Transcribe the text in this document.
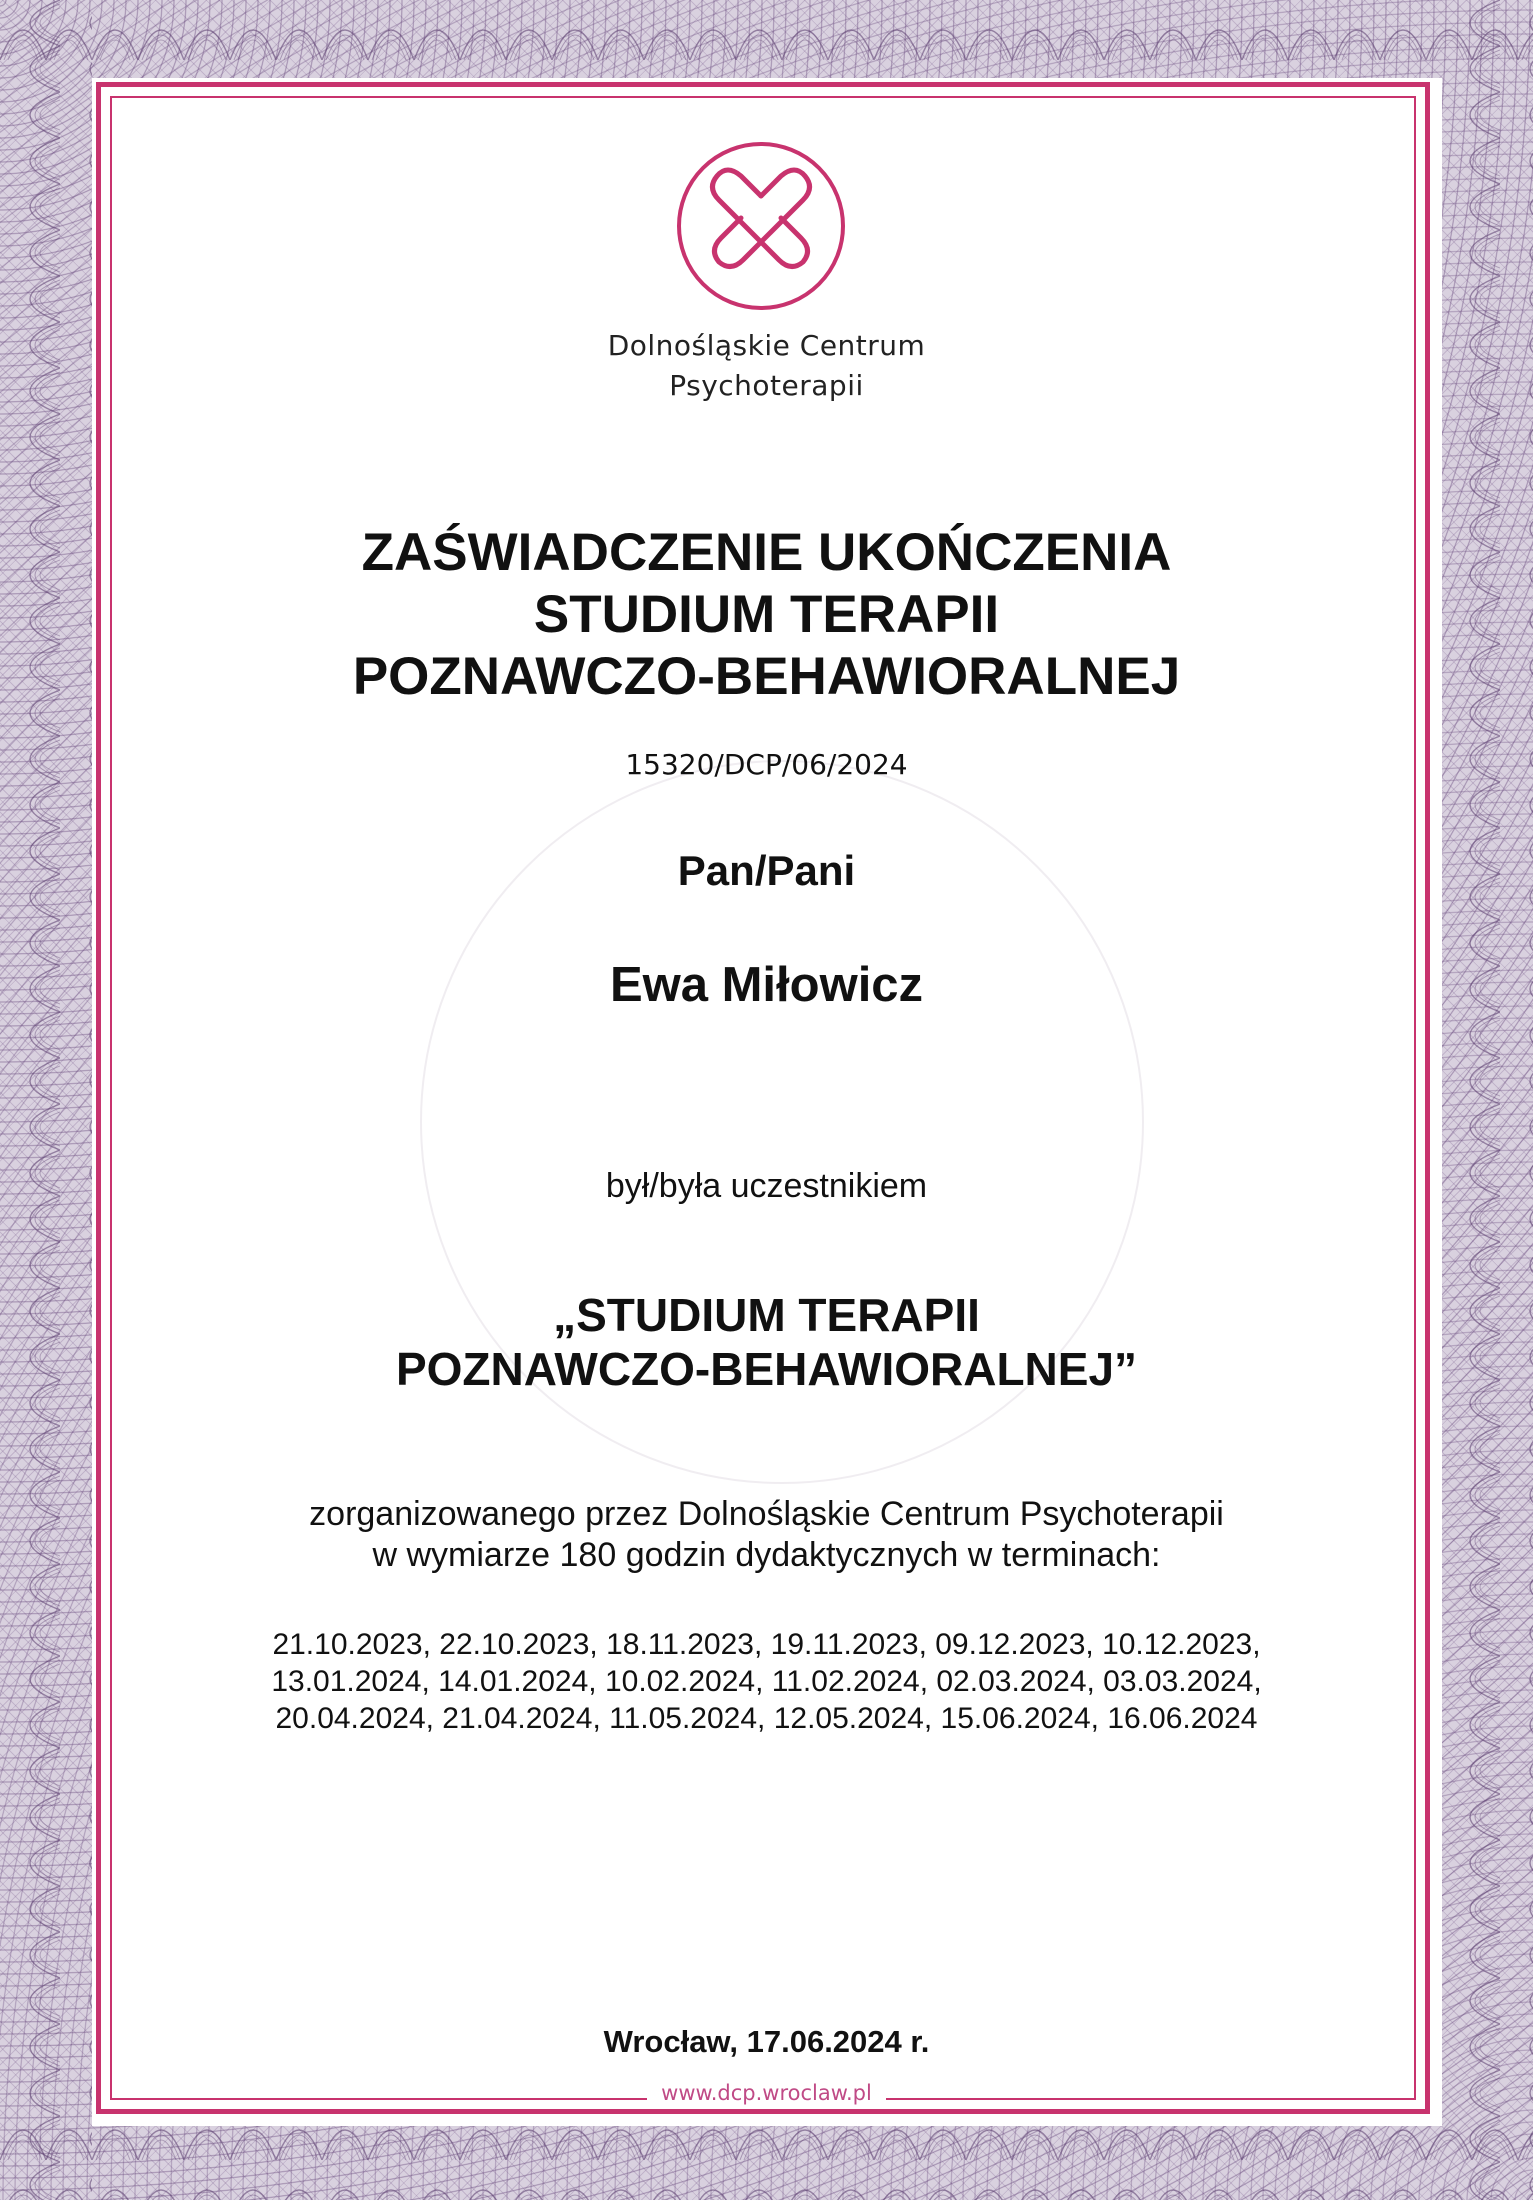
Dolnośląskie Centrum
Psychoterapii
ZAŚWIADCZENIE UKOŃCZENIA
STUDIUM TERAPII
POZNAWCZO-BEHAWIORALNEJ
15320/DCP/06/2024
Pan/Pani
Ewa Miłowicz
był/była uczestnikiem
„STUDIUM TERAPII
POZNAWCZO-BEHAWIORALNEJ”
zorganizowanego przez Dolnośląskie Centrum Psychoterapii
w wymiarze 180 godzin dydaktycznych w terminach:
21.10.2023, 22.10.2023, 18.11.2023, 19.11.2023, 09.12.2023, 10.12.2023,
13.01.2024, 14.01.2024, 10.02.2024, 11.02.2024, 02.03.2024, 03.03.2024,
20.04.2024, 21.04.2024, 11.05.2024, 12.05.2024, 15.06.2024, 16.06.2024
Wrocław, 17.06.2024 r.
www.dcp.wroclaw.pl
